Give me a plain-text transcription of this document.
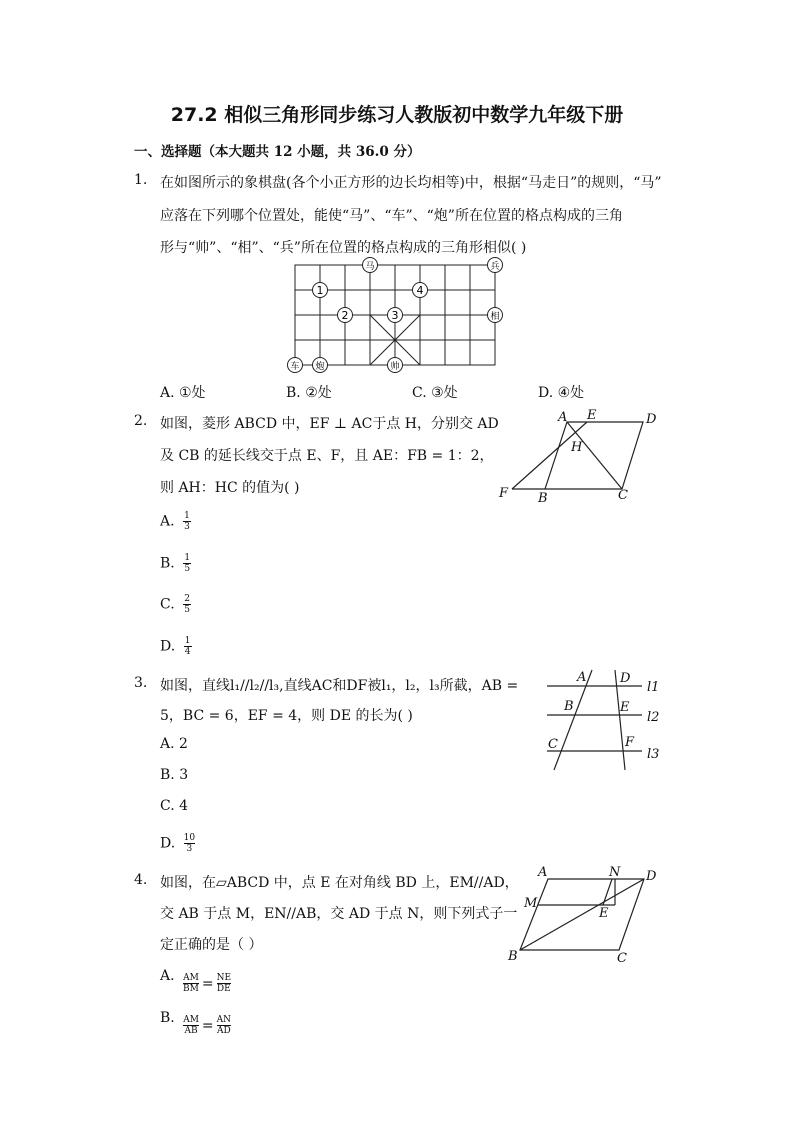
27.2 相似三角形同步练习人教版初中数学九年级下册
一、选择题（本大题共 12 小题，共 36.0 分）
1. 在如图所示的象棋盘(各个小正方形的边长均相等)中，根据“马走日”的规则，“马”
应落在下列哪个位置处，能使“马”、“车”、“炮”所在位置的格点构成的三角
形与“帅”、“相”、“兵”所在位置的格点构成的三角形相似( )
马	兵
相
车 炮	帅
1
2	3
4
A. ①处	B. ②处	C. ③处	D. ④处
2. 如图，菱形 ABCD 中，EF ⊥ AC于点 H，分别交 AD
及 CB 的延长线交于点 E、F，且 AE：FB = 1：2，
则 AH：HC 的值为( )
A E	D
H
F B	C
A. $\frac{1}{3}$
B. $\frac{1}{5}$
C. $\frac{2}{5}$
D. $\frac{1}{4}$
3. 如图，直线l₁//l₂//l₃,直线AC和DF被l₁，l₂，l₃所截，AB =
5，BC = 6，EF = 4，则 DE 的长为( )
A	D
B	E
C	F
l1
l2
l3
A. 2
B. 3
C. 4
D. $\frac{10}{3}$
4. 如图，在▱ABCD 中，点 E 在对角线 BD 上，EM//AD，
交 AB 于点 M，EN//AB，交 AD 于点 N，则下列式子一
定正确的是（ ）
A	N D
M
E
B	C
A. $\frac{AM}{BM} = \frac{NE}{DE}$
B. $\frac{AM}{AB} = \frac{AN}{AD}$
